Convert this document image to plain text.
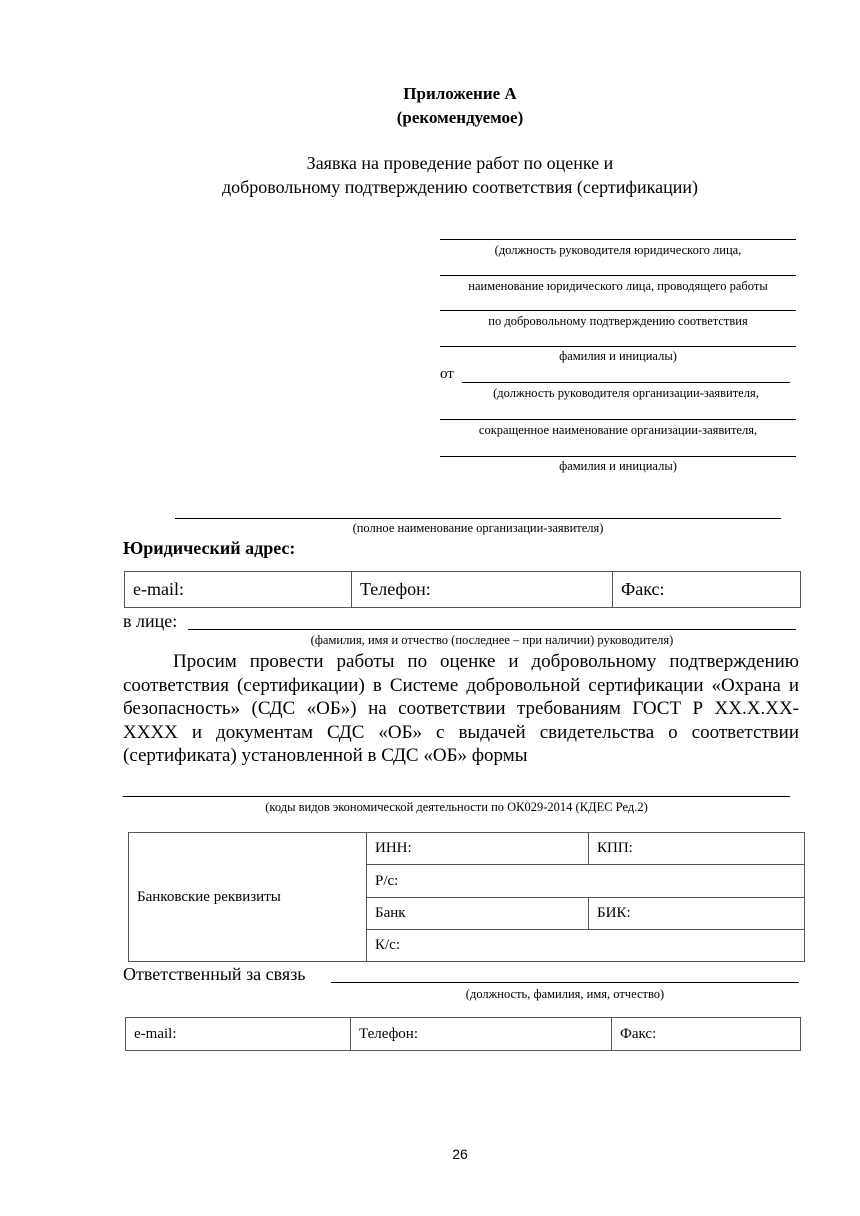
Приложение А
(рекомендуемое)
Заявка на проведение работ по оценке и
добровольному подтверждению соответствия (сертификации)
(должность руководителя юридического лица,
наименование юридического лица, проводящего работы
по добровольному подтверждению соответствия
фамилия и инициалы)
от
(должность руководителя организации-заявителя,
сокращенное наименование организации-заявителя,
фамилия и инициалы)
(полное наименование организации-заявителя)
Юридический адрес:
e-mail:	Телефон:	Факс:
в лице:
(фамилия, имя и отчество (последнее – при наличии) руководителя)
Просим провести работы по оценке и добровольному подтверждению соответствия (сертификации) в Системе добровольной сертификации «Охрана и безопасность» (СДС «ОБ») на соответствии требованиям ГОСТ Р ХХ.Х.ХХ-ХХХХ и документам СДС «ОБ» с выдачей свидетельства о соответствии (сертификата) установленной в СДС «ОБ» формы
(коды видов экономической деятельности по ОК029-2014 (КДЕС Ред.2)
Банковские реквизиты	ИНН:	КПП:
	Р/с:	
	Банк	БИК:
	К/с:	
Ответственный за связь
(должность, фамилия, имя, отчество)
e-mail:	Телефон:	Факс:
26
